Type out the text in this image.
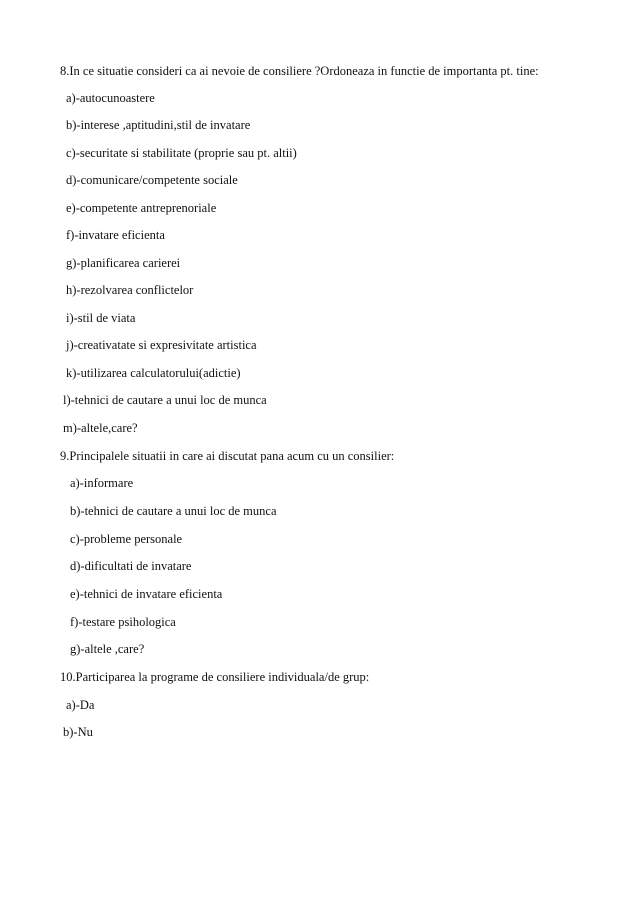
8.In ce situatie consideri ca ai nevoie de consiliere ?Ordoneaza in functie de importanta pt. tine:
a)-autocunoastere
b)-interese ,aptitudini,stil de invatare
c)-securitate si stabilitate (proprie sau pt. altii)
d)-comunicare/competente sociale
e)-competente antreprenoriale
f)-invatare eficienta
g)-planificarea carierei
h)-rezolvarea conflictelor
i)-stil de viata
j)-creativatate si expresivitate artistica
k)-utilizarea calculatorului(adictie)
l)-tehnici de cautare a unui loc de munca
m)-altele,care?
9.Principalele situatii in care ai discutat pana acum cu un consilier:
a)-informare
b)-tehnici de cautare a unui loc de munca
c)-probleme personale
d)-dificultati de invatare
e)-tehnici de invatare eficienta
f)-testare psihologica
g)-altele ,care?
10.Participarea la programe de consiliere individuala/de grup:
a)-Da
b)-Nu
